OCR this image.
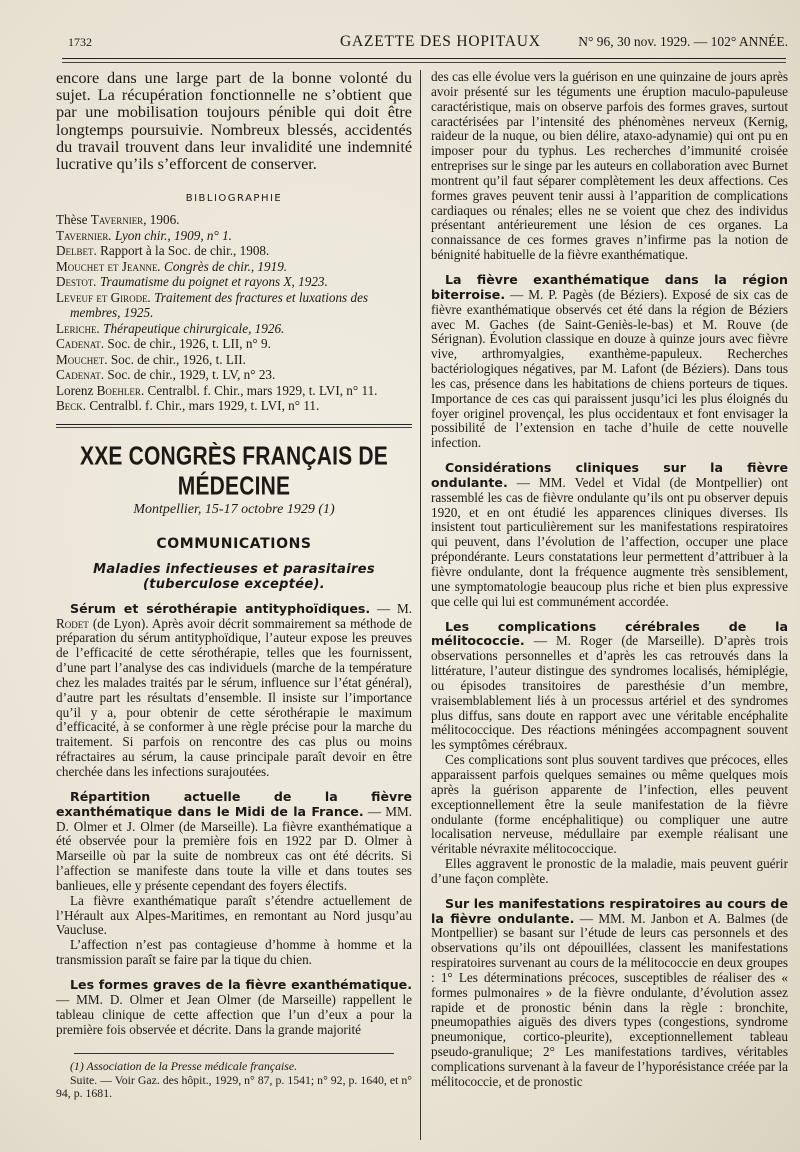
1732	GAZETTE DES HOPITAUX	N° 96, 30 nov. 1929. — 102° ANNÉE.

encore dans une large part de la bonne volonté du sujet. La récupération fonctionnelle ne s’obtient que par une mobilisation toujours pénible qui doit être longtemps poursuivie. Nombreux blessés, accidentés du travail trouvent dans leur invalidité une indemnité lucrative qu’ils s’efforcent de conserver.

BIBLIOGRAPHIE
Thèse Tavernier, 1906.
Tavernier. Lyon chir., 1909, n° 1.
Delbet. Rapport à la Soc. de chir., 1908.
Mouchet et Jeanne. Congrès de chir., 1919.
Destot. Traumatisme du poignet et rayons X, 1923.
Leveuf et Girode. Traitement des fractures et luxations des membres, 1925.
Leriche. Thérapeutique chirurgicale, 1926.
Cadenat. Soc. de chir., 1926, t. LII, n° 9.
Mouchet. Soc. de chir., 1926, t. LII.
Cadenat. Soc. de chir., 1929, t. LV, n° 23.
Lorenz Boehler. Centralbl. f. Chir., mars 1929, t. LVI, n° 11.
Beck. Centralbl. f. Chir., mars 1929, t. LVI, n° 11.
XXE CONGRÈS FRANÇAIS DE MÉDECINE
Montpellier, 15-17 octobre 1929 (1)
COMMUNICATIONS
Maladies infectieuses et parasitaires (tuberculose exceptée).

Sérum et sérothérapie antityphoïdiques. — M. Rodet (de Lyon). Après avoir décrit sommairement sa méthode de préparation du sérum antityphoïdique, l’auteur expose les preuves de l’efficacité de cette sérothérapie, telles que les fournissent, d’une part l’analyse des cas individuels (marche de la température chez les malades traités par le sérum, influence sur l’état général), d’autre part les résultats d’ensemble. Il insiste sur l’importance qu’il y a, pour obtenir de cette sérothérapie le maximum d’efficacité, à se conformer à une règle précise pour la marche du traitement. Si parfois on rencontre des cas plus ou moins réfractaires au sérum, la cause principale paraît devoir en être cherchée dans les infections surajoutées.

Répartition actuelle de la fièvre exanthématique dans le Midi de la France. — MM. D. Olmer et J. Olmer (de Marseille). La fièvre exanthématique a été observée pour la première fois en 1922 par D. Olmer à Marseille où par la suite de nombreux cas ont été décrits. Si l’affection se manifeste dans toute la ville et dans toutes ses banlieues, elle y présente cependant des foyers électifs.

La fièvre exanthématique paraît s’étendre actuellement de l’Hérault aux Alpes-Maritimes, en remontant au Nord jusqu’au Vaucluse.

L’affection n’est pas contagieuse d’homme à homme et la transmission paraît se faire par la tique du chien.

Les formes graves de la fièvre exanthématique. — MM. D. Olmer et Jean Olmer (de Marseille) rappellent le tableau clinique de cette affection que l’un d’eux a pour la première fois observée et décrite. Dans la grande majorité

(1) Association de la Presse médicale française.

Suite. — Voir Gaz. des hôpit., 1929, n° 87, p. 1541; n° 92, p. 1640, et n° 94, p. 1681.

des cas elle évolue vers la guérison en une quinzaine de jours après avoir présenté sur les téguments une éruption maculo-papuleuse caractéristique, mais on observe parfois des formes graves, surtout caractérisées par l’intensité des phénomènes nerveux (Kernig, raideur de la nuque, ou bien délire, ataxo-adynamie) qui ont pu en imposer pour du typhus. Les recherches d’immunité croisée entreprises sur le singe par les auteurs en collaboration avec Burnet montrent qu’il faut séparer complètement les deux affections. Ces formes graves peuvent tenir aussi à l’apparition de complications cardiaques ou rénales; elles ne se voient que chez des individus présentant antérieurement une lésion de ces organes. La connaissance de ces formes graves n’infirme pas la notion de bénignité habituelle de la fièvre exanthématique.

La fièvre exanthématique dans la région biterroise. — M. P. Pagès (de Béziers). Exposé de six cas de fièvre exanthématique observés cet été dans la région de Béziers avec M. Gaches (de Saint-Geniès-le-bas) et M. Rouve (de Sérignan). Évolution classique en douze à quinze jours avec fièvre vive, arthromyalgies, exanthème-papuleux. Recherches bactériologiques négatives, par M. Lafont (de Béziers). Dans tous les cas, présence dans les habitations de chiens porteurs de tiques. Importance de ces cas qui paraissent jusqu’ici les plus éloignés du foyer originel provençal, les plus occidentaux et font envisager la possibilité de l’extension en tache d’huile de cette nouvelle infection.

Considérations cliniques sur la fièvre ondulante. — MM. Vedel et Vidal (de Montpellier) ont rassemblé les cas de fièvre ondulante qu’ils ont pu observer depuis 1920, et en ont étudié les apparences cliniques diverses. Ils insistent tout particulièrement sur les manifestations respiratoires qui peuvent, dans l’évolution de l’affection, occuper une place prépondérante. Leurs constatations leur permettent d’attribuer à la fièvre ondulante, dont la fréquence augmente très sensiblement, une symptomatologie beaucoup plus riche et bien plus expressive que celle qui lui est communément accordée.

Les complications cérébrales de la mélitococcie. — M. Roger (de Marseille). D’après trois observations personnelles et d’après les cas retrouvés dans la littérature, l’auteur distingue des syndromes localisés, hémiplégie, ou épisodes transitoires de paresthésie d’un membre, vraisemblablement liés à un processus artériel et des syndromes plus diffus, sans doute en rapport avec une véritable encéphalite mélitococcique. Des réactions méningées accompagnent souvent les symptômes cérébraux.

Ces complications sont plus souvent tardives que précoces, elles apparaissent parfois quelques semaines ou même quelques mois après la guérison apparente de l’infection, elles peuvent exceptionnellement être la seule manifestation de la fièvre ondulante (forme encéphalitique) ou compliquer une autre localisation nerveuse, médullaire par exemple réalisant une véritable névraxite mélitococcique.

Elles aggravent le pronostic de la maladie, mais peuvent guérir d’une façon complète.

Sur les manifestations respiratoires au cours de la fièvre ondulante. — MM. M. Janbon et A. Balmes (de Montpellier) se basant sur l’étude de leurs cas personnels et des observations qu’ils ont dépouillées, classent les manifestations respiratoires survenant au cours de la mélitococcie en deux groupes : 1° Les déterminations précoces, susceptibles de réaliser des « formes pulmonaires » de la fièvre ondulante, d’évolution assez rapide et de pronostic bénin dans la règle : bronchite, pneumopathies aiguës des divers types (congestions, syndrome pneumonique, cortico-pleurite), exceptionnellement tableau pseudo-granulique; 2° Les manifestations tardives, véritables complications survenant à la faveur de l’hyporésistance créée par la mélitococcie, et de pronostic
